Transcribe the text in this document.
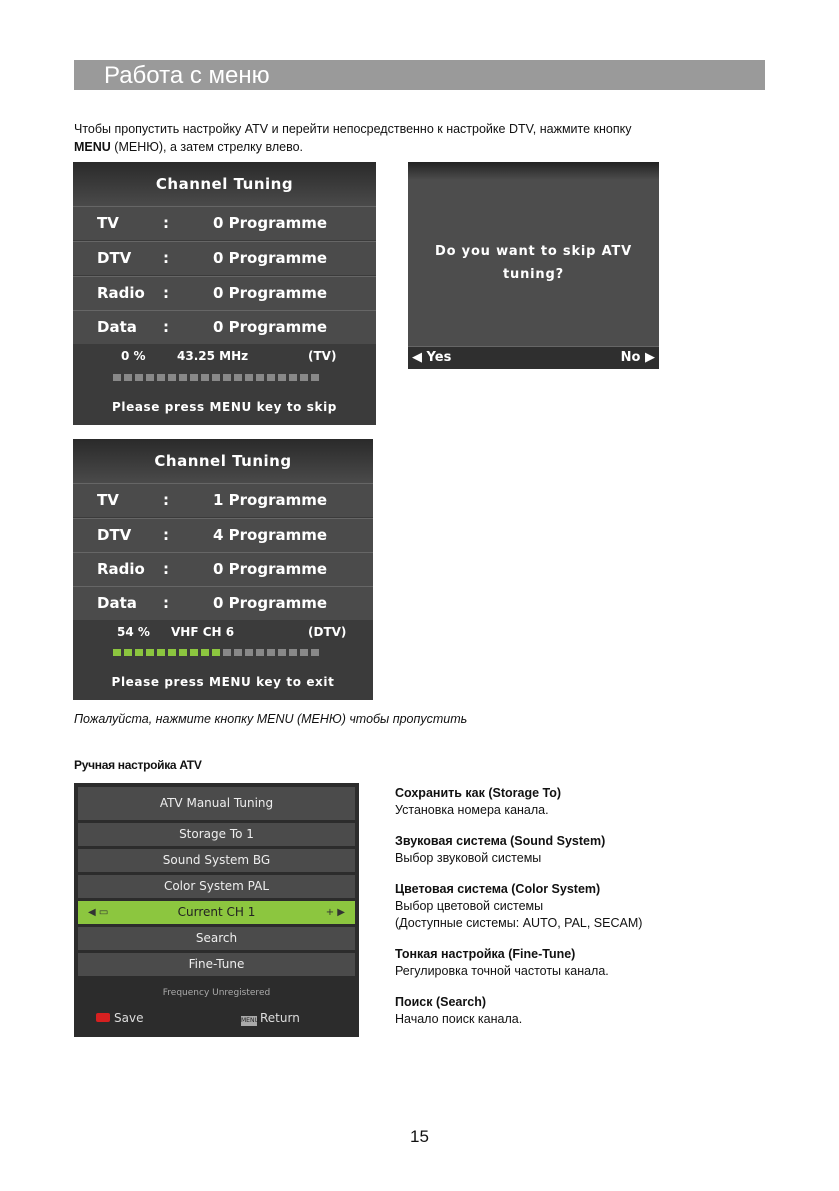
Работа с меню
Чтобы пропустить настройку ATV и перейти непосредственно к настройке DTV, нажмите кнопку
MENU (МЕНЮ), а затем стрелку влево.
Channel Tuning
TV	:	0 Programme
DTV :	0 Programme
Radio :	0 Programme
Data :	0 Programme
0 %	43.25 MHz	(TV)
Please press MENU key to skip
Do you want to skip ATV
tuning?
◀ Yes	No ▶
Channel Tuning
TV	:	1 Programme
DTV :	4 Programme
Radio :	0 Programme
Data :	0 Programme
54 % VHF CH 6	(DTV)
Please press MENU key to exit
Пожалуйста, нажмите кнопку MENU (МЕНЮ) чтобы пропустить
Ручная настройка ATV
ATV Manual Tuning
Storage To 1
Sound System BG
Color System PAL
◀ ▭	Current CH 1	+ ▶
Search
Fine-Tune
Frequency Unregistered
Save	MENUReturn
Сохранить как (Storage To)
Установка номера канала.
Звуковая система (Sound System)
Выбор звуковой системы
Цветовая система (Color System)
Выбор цветовой системы
(Доступные системы: AUTO, PAL, SECAM)
Тонкая настройка (Fine-Tune)
Регулировка точной частоты канала.
Поиск (Search)
Начало поиск канала.
15
